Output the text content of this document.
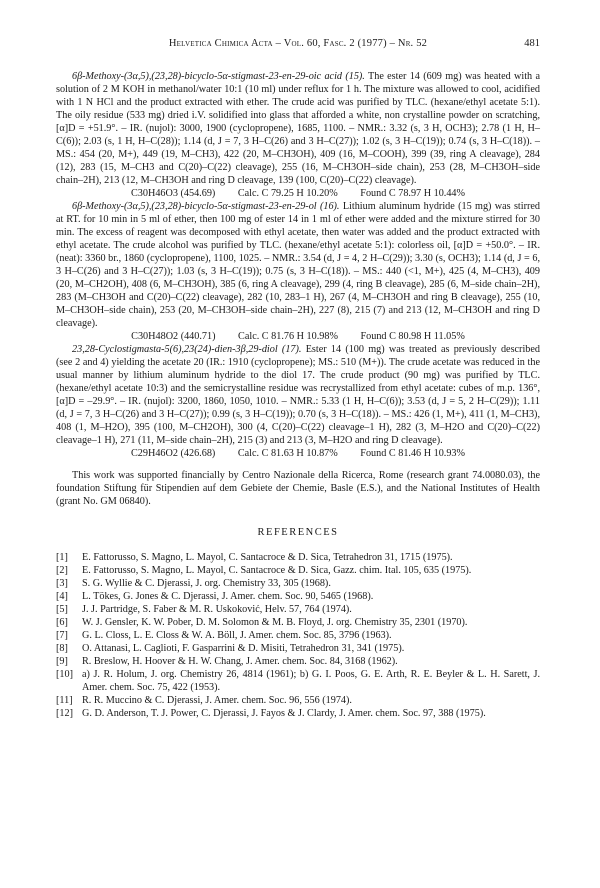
Helvetica Chimica Acta – Vol. 60, Fasc. 2 (1977) – Nr. 52	481

6β-Methoxy-(3α,5),(23,28)-bicyclo-5α-stigmast-23-en-29-oic acid (15). The ester 14 (609 mg) was heated with a solution of 2 M KOH in methanol/water 10:1 (10 ml) under reflux for 1 h. The mixture was allowed to cool, acidified with 1 N HCl and the product extracted with ether. The crude acid was purified by TLC. (hexane/ethyl acetate 5:1). The oily residue (533 mg) dried i.V. solidified into glass that afforded a white, non crystalline powder on scratching, [α]D = +51.9°. – IR. (nujol): 3000, 1900 (cyclopropene), 1685, 1100. – NMR.: 3.32 (s, 3 H, OCH3); 2.78 (1 H, H–C(6)); 2.03 (s, 1 H, H–C(28)); 1.14 (d, J = 7, 3 H–C(26) and 3 H–C(27)); 1.02 (s, 3 H–C(19)); 0.74 (s, 3 H–C(18)). – MS.: 454 (20, M+), 449 (19, M–CH3), 422 (20, M–CH3OH), 409 (16, M–COOH), 399 (39, ring A cleavage), 284 (12), 283 (15, M–CH3 and C(20)–C(22) cleavage), 255 (16, M–CH3OH–side chain), 253 (28, M–CH3OH–side chain–2H), 213 (12, M–CH3OH and ring D cleavage, 139 (100, C(20)–C(22) cleavage).

C30H46O3 (454.69) Calc. C 79.25 H 10.20% Found C 78.97 H 10.44%

6β-Methoxy-(3α,5),(23,28)-bicyclo-5α-stigmast-23-en-29-ol (16). Lithium aluminum hydride (15 mg) was stirred at RT. for 10 min in 5 ml of ether, then 100 mg of ester 14 in 1 ml of ether were added and the mixture stirred for 30 min. The excess of reagent was decomposed with ethyl acetate, then water was added and the product extracted with ethyl acetate. The crude alcohol was purified by TLC. (hexane/ethyl acetate 5:1): colorless oil, [α]D = +50.0°. – IR. (neat): 3360 br., 1860 (cyclopropene), 1100, 1025. – NMR.: 3.54 (d, J = 4, 2 H–C(29)); 3.30 (s, OCH3); 1.14 (d, J = 6, 3 H–C(26) and 3 H–C(27)); 1.03 (s, 3 H–C(19)); 0.75 (s, 3 H–C(18)). – MS.: 440 (<1, M+), 425 (4, M–CH3), 409 (20, M–CH2OH), 408 (6, M–CH3OH), 385 (6, ring A cleavage), 299 (4, ring B cleavage), 285 (6, M–side chain–2H), 283 (M–CH3OH and C(20)–C(22) cleavage), 282 (10, 283–1 H), 267 (4, M–CH3OH and ring B cleavage), 255 (10, M–CH3OH–side chain), 253 (20, M–CH3OH–side chain–2H), 227 (8), 215 (7) and 213 (12, M–CH3OH and ring D cleavage).

C30H48O2 (440.71) Calc. C 81.76 H 10.98% Found C 80.98 H 11.05%

23,28-Cyclostigmasta-5(6),23(24)-dien-3β,29-diol (17). Ester 14 (100 mg) was treated as previously described (see 2 and 4) yielding the acetate 20 (IR.: 1910 (cyclopropene); MS.: 510 (M+)). The crude acetate was reduced in the usual manner by lithium aluminum hydride to the diol 17. The crude product (90 mg) was purified by TLC. (hexane/ethyl acetate 10:3) and the semicrystalline residue was recrystallized from ethyl acetate: cubes of m.p. 136°, [α]D = –29.9°. – IR. (nujol): 3200, 1860, 1050, 1010. – NMR.: 5.33 (1 H, H–C(6)); 3.53 (d, J = 5, 2 H–C(29)); 1.11 (d, J = 7, 3 H–C(26) and 3 H–C(27)); 0.99 (s, 3 H–C(19)); 0.70 (s, 3 H–C(18)). – MS.: 426 (1, M+), 411 (1, M–CH3), 408 (1, M–H2O), 395 (100, M–CH2OH), 300 (4, C(20)–C(22) cleavage–1 H), 282 (3, M–H2O and C(20)–C(22) cleavage–1 H), 271 (11, M–side chain–2H), 215 (3) and 213 (3, M–H2O and ring D cleavage).

C29H46O2 (426.68) Calc. C 81.63 H 10.87% Found C 81.46 H 10.93%

This work was supported financially by Centro Nazionale della Ricerca, Rome (research grant 74.0080.03), the foundation Stiftung für Stipendien auf dem Gebiete der Chemie, Basle (E.S.), and the National Institutes of Health (grant No. GM 06840).

REFERENCES
[1]	E. Fattorusso, S. Magno, L. Mayol, C. Santacroce & D. Sica, Tetrahedron 31, 1715 (1975).
[2]	E. Fattorusso, S. Magno, L. Mayol, C. Santacroce & D. Sica, Gazz. chim. Ital. 105, 635 (1975).
[3]	S. G. Wyllie & C. Djerassi, J. org. Chemistry 33, 305 (1968).
[4]	L. Tökes, G. Jones & C. Djerassi, J. Amer. chem. Soc. 90, 5465 (1968).
[5]	J. J. Partridge, S. Faber & M. R. Uskoković, Helv. 57, 764 (1974).
[6]	W. J. Gensler, K. W. Pober, D. M. Solomon & M. B. Floyd, J. org. Chemistry 35, 2301 (1970).
[7]	G. L. Closs, L. E. Closs & W. A. Böll, J. Amer. chem. Soc. 85, 3796 (1963).
[8]	O. Attanasi, L. Caglioti, F. Gasparrini & D. Misiti, Tetrahedron 31, 341 (1975).
[9]	R. Breslow, H. Hoover & H. W. Chang, J. Amer. chem. Soc. 84, 3168 (1962).
[10] a) J. R. Holum, J. org. Chemistry 26, 4814 (1961); b) G. I. Poos, G. E. Arth, R. E. Beyler & L. H. Sarett, J. Amer. chem. Soc. 75, 422 (1953).
[11] R. R. Muccino & C. Djerassi, J. Amer. chem. Soc. 96, 556 (1974).
[12] G. D. Anderson, T. J. Power, C. Djerassi, J. Fayos & J. Clardy, J. Amer. chem. Soc. 97, 388 (1975).
